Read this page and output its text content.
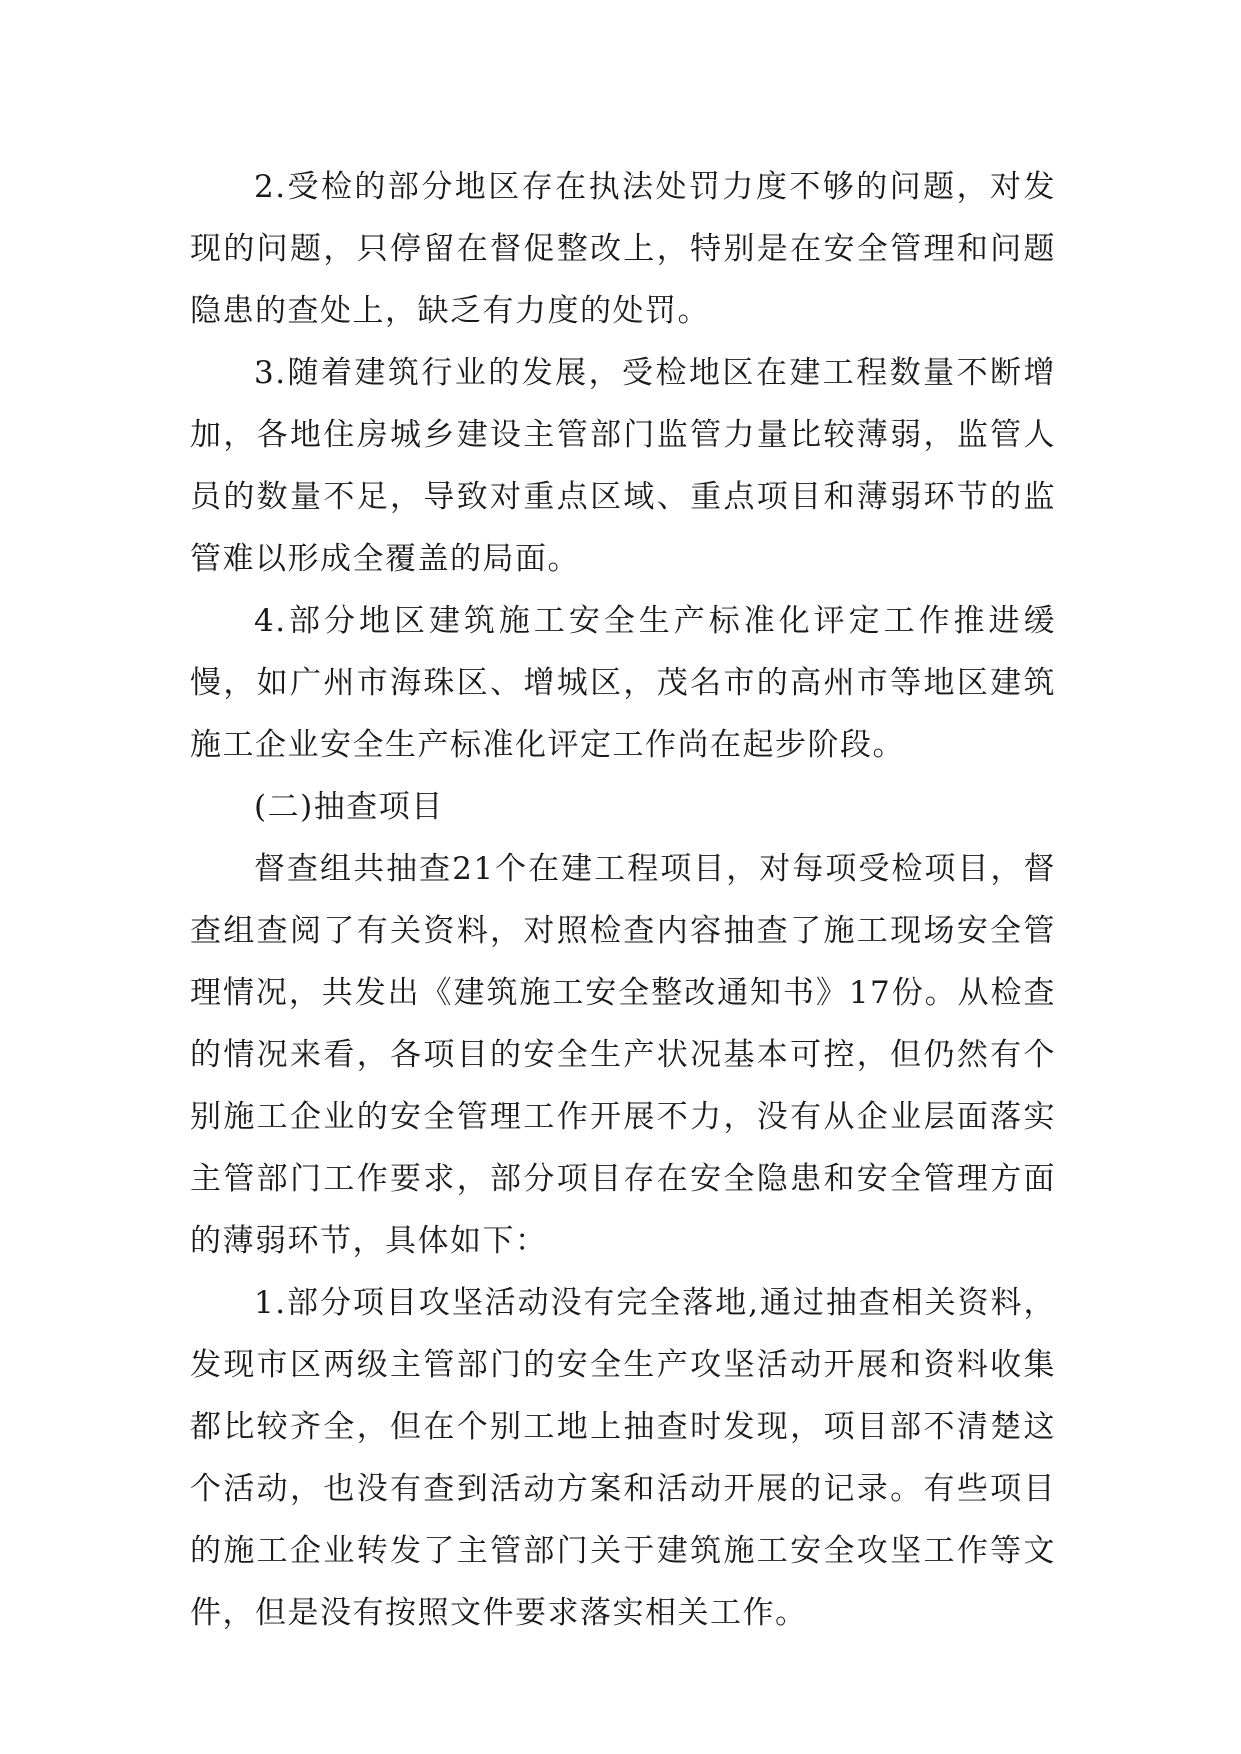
2.受检的部分地区存在执法处罚力度不够的问题，对发现的问题，只停留在督促整改上，特别是在安全管理和问题隐患的查处上，缺乏有力度的处罚。

3.随着建筑行业的发展，受检地区在建工程数量不断增加，各地住房城乡建设主管部门监管力量比较薄弱，监管人员的数量不足，导致对重点区域、重点项目和薄弱环节的监管难以形成全覆盖的局面。

4.部分地区建筑施工安全生产标准化评定工作推进缓慢，如广州市海珠区、增城区，茂名市的高州市等地区建筑施工企业安全生产标准化评定工作尚在起步阶段。

(二)抽查项目

督查组共抽查21个在建工程项目，对每项受检项目，督查组查阅了有关资料，对照检查内容抽查了施工现场安全管理情况，共发出《建筑施工安全整改通知书》17份。从检查的情况来看，各项目的安全生产状况基本可控，但仍然有个别施工企业的安全管理工作开展不力，没有从企业层面落实主管部门工作要求，部分项目存在安全隐患和安全管理方面的薄弱环节，具体如下：

1.部分项目攻坚活动没有完全落地,通过抽查相关资料，发现市区两级主管部门的安全生产攻坚活动开展和资料收集都比较齐全，但在个别工地上抽查时发现，项目部不清楚这个活动，也没有查到活动方案和活动开展的记录。有些项目的施工企业转发了主管部门关于建筑施工安全攻坚工作等文件，但是没有按照文件要求落实相关工作。
